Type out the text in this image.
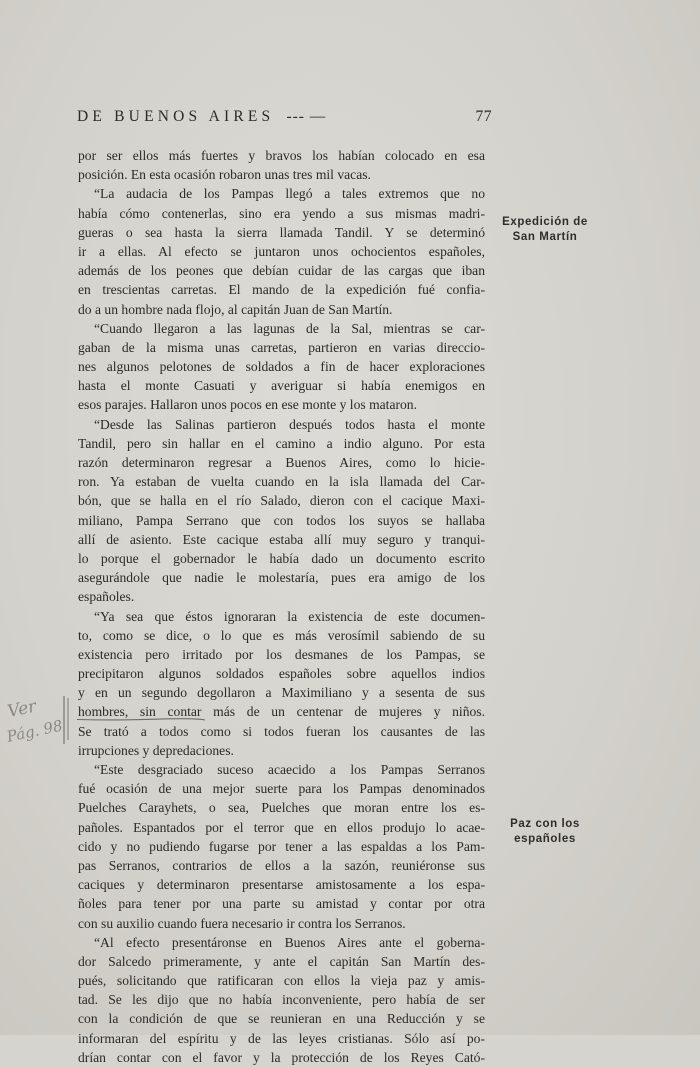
DE BUENOS AIRES --- —	77
por ser ellos más fuertes y bravos los habían colocado en esa
posición. En esta ocasión robaron unas tres mil vacas.
“La audacia de los Pampas llegó a tales extremos que no
había cómo contenerlas, sino era yendo a sus mismas madri-
gueras o sea hasta la sierra llamada Tandil. Y se determinó
ir a ellas. Al efecto se juntaron unos ochocientos españoles,
además de los peones que debían cuidar de las cargas que iban
en trescientas carretas. El mando de la expedición fué confia-
do a un hombre nada flojo, al capitán Juan de San Martín.
“Cuando llegaron a las lagunas de la Sal, mientras se car-
gaban de la misma unas carretas, partieron en varias direccio-
nes algunos pelotones de soldados a fin de hacer exploraciones
hasta el monte Casuati y averiguar si había enemigos en
esos parajes. Hallaron unos pocos en ese monte y los mataron.
“Desde las Salinas partieron después todos hasta el monte
Tandil, pero sin hallar en el camino a indio alguno. Por esta
razón determinaron regresar a Buenos Aires, como lo hicie-
ron. Ya estaban de vuelta cuando en la isla llamada del Car-
bón, que se halla en el río Salado, dieron con el cacique Maxi-
miliano, Pampa Serrano que con todos los suyos se hallaba
allí de asiento. Este cacique estaba allí muy seguro y tranqui-
lo porque el gobernador le había dado un documento escrito
asegurándole que nadie le molestaría, pues era amigo de los
españoles.
“Ya sea que éstos ignoraran la existencia de este documen-
to, como se dice, o lo que es más verosímil sabiendo de su
existencia pero irritado por los desmanes de los Pampas, se
precipitaron algunos soldados españoles sobre aquellos indios
y en un segundo degollaron a Maximiliano y a sesenta de sus
hombres, sin contar más de un centenar de mujeres y niños.
Se trató a todos como si todos fueran los causantes de las
irrupciones y depredaciones.
“Este desgraciado suceso acaecido a los Pampas Serranos
fué ocasión de una mejor suerte para los Pampas denominados
Puelches Carayhets, o sea, Puelches que moran entre los es-
pañoles. Espantados por el terror que en ellos produjo lo acae-
cido y no pudiendo fugarse por tener a las espaldas a los Pam-
pas Serranos, contrarios de ellos a la sazón, reuniéronse sus
caciques y determinaron presentarse amistosamente a los espa-
ñoles para tener por una parte su amistad y contar por otra
con su auxilio cuando fuera necesario ir contra los Serranos.
“Al efecto presentáronse en Buenos Aires ante el goberna-
dor Salcedo primeramente, y ante el capitán San Martín des-
pués, solicitando que ratificaran con ellos la vieja paz y amis-
tad. Se les dijo que no había inconveniente, pero había de ser
con la condición de que se reunieran en una Reducción y se
informaran del espíritu y de las leyes cristianas. Sólo así po-
drían contar con el favor y la protección de los Reyes Cató-
Expedición de
San Martín
Paz con los
españoles
Ver
Pág. 98
